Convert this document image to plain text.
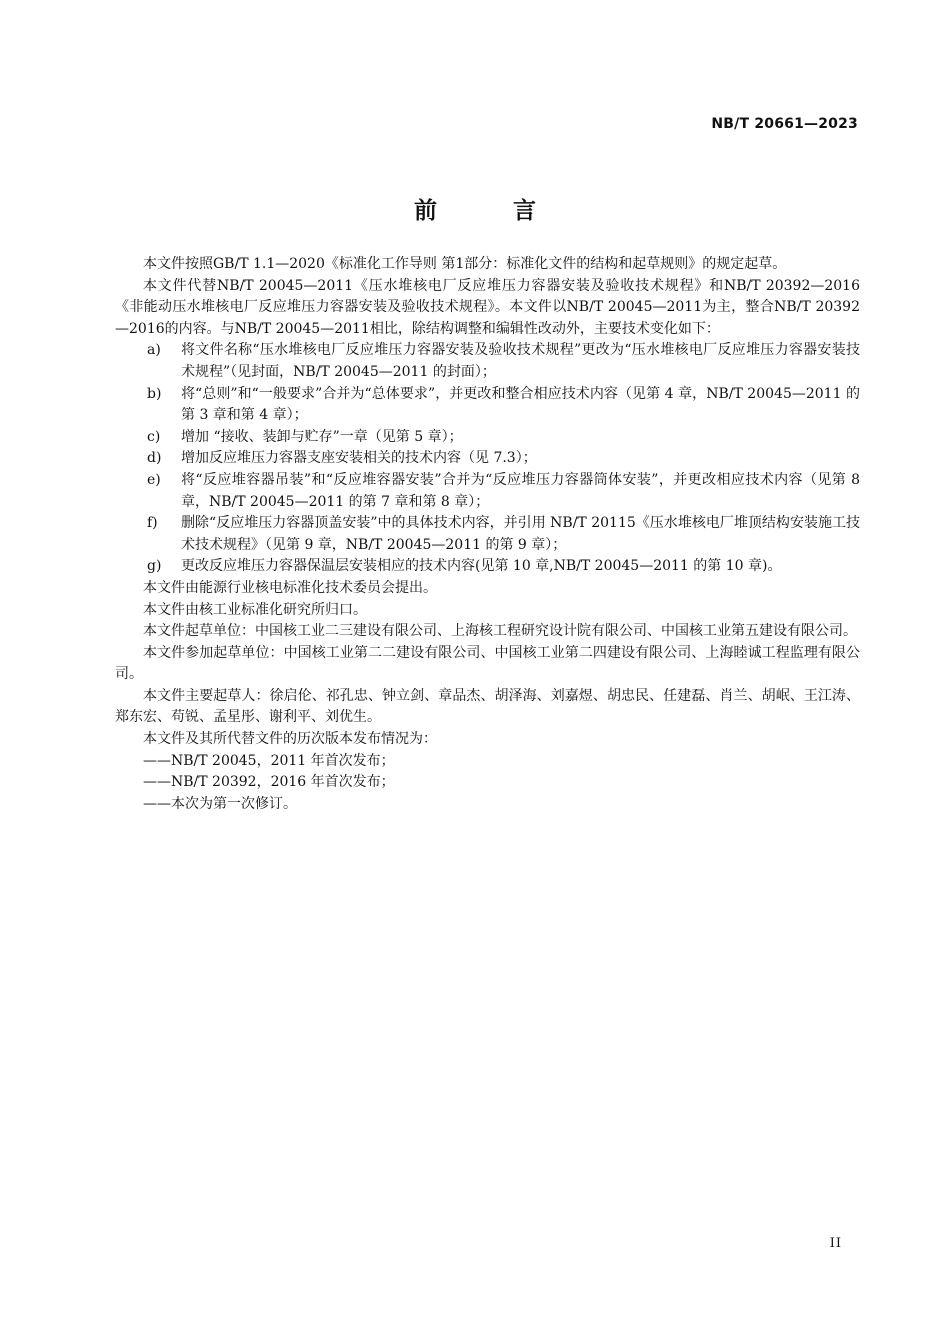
NB/T 20661—2023
前 言

本文件按照GB/T 1.1—2020《标准化工作导则 第1部分：标准化文件的结构和起草规则》的规定起草。

本文件代替NB/T 20045—2011《压水堆核电厂反应堆压力容器安装及验收技术规程》和NB/T 20392—2016《非能动压水堆核电厂反应堆压力容器安装及验收技术规程》。本文件以NB/T 20045—2011为主，整合NB/T 20392—2016的内容。与NB/T 20045—2011相比，除结构调整和编辑性改动外，主要技术变化如下：

a)	将文件名称“压水堆核电厂反应堆压力容器安装及验收技术规程”更改为“压水堆核电厂反应堆压力容器安装技术规程”（见封面，NB/T 20045—2011 的封面）；
b)	将“总则”和“一般要求”合并为“总体要求”，并更改和整合相应技术内容（见第 4 章，NB/T 20045—2011 的第 3 章和第 4 章）；
c)	增加 “接收、装卸与贮存”一章（见第 5 章）；
d)	增加反应堆压力容器支座安装相关的技术内容（见 7.3）；
e)	将“反应堆容器吊装”和“反应堆容器安装”合并为“反应堆压力容器筒体安装”，并更改相应技术内容（见第 8 章，NB/T 20045—2011 的第 7 章和第 8 章）；
f)	删除“反应堆压力容器顶盖安装”中的具体技术内容，并引用 NB/T 20115《压水堆核电厂堆顶结构安装施工技术技术规程》（见第 9 章，NB/T 20045—2011 的第 9 章）；
g)	更改反应堆压力容器保温层安装相应的技术内容(见第 10 章,NB/T 20045—2011 的第 10 章)。

本文件由能源行业核电标准化技术委员会提出。

本文件由核工业标准化研究所归口。

本文件起草单位：中国核工业二三建设有限公司、上海核工程研究设计院有限公司、中国核工业第五建设有限公司。

本文件参加起草单位：中国核工业第二二建设有限公司、中国核工业第二四建设有限公司、上海睦诚工程监理有限公司。

本文件主要起草人：徐启伦、祁孔忠、钟立剑、章品杰、胡泽海、刘嘉煜、胡忠民、任建磊、肖兰、胡岷、王江涛、郑东宏、苟锐、孟星彤、谢利平、刘优生。

本文件及其所代替文件的历次版本发布情况为：

——NB/T 20045，2011 年首次发布；

——NB/T 20392，2016 年首次发布；

——本次为第一次修订。

II
